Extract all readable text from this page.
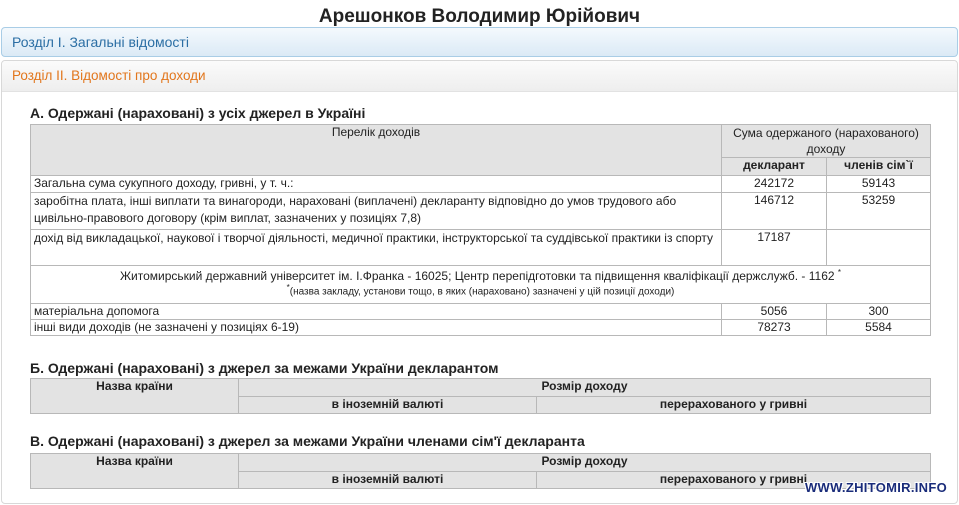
Арешонков Володимир Юрійович
Розділ I. Загальні відомості
Розділ II. Відомості про доходи
А. Одержані (нараховані) з усіх джерел в Україні
Перелік доходів	Сума одержаного (нарахованого) доходу	
	декларант	членів сім`ї
Загальна сума сукупного доходу, гривні, у т. ч.:	242172	59143
заробітна плата, інші виплати та винагороди, нараховані (виплачені) декларанту відповідно до умов трудового або цивільно-правового договору (крім виплат, зазначених у позиціях 7,8)	146712	53259
дохід від викладацької, наукової і творчої діяльності, медичної практики, інструкторської та суддівської практики із спорту	17187	

Житомирський державний університет ім. І.Франка - 16025; Центр перепідготовки та підвищення кваліфікації держслужб. - 1162 *
*(назва закладу, установи тощо, в яких (нараховано) зазначені у цій позиції доходи)		

матеріальна допомога	5056	300
інші види доходів (не зазначені у позиціях 6-19)	78273	5584
Б. Одержані (нараховані) з джерел за межами України декларантом
Назва країни	Розмір доходу	
	в іноземній валюті	перерахованого у гривні
В. Одержані (нараховані) з джерел за межами України членами сім'ї декларанта
Назва країни	Розмір доходу	
	в іноземній валюті	перерахованого у гривні
WWW.ZHITOMIR.INFO
